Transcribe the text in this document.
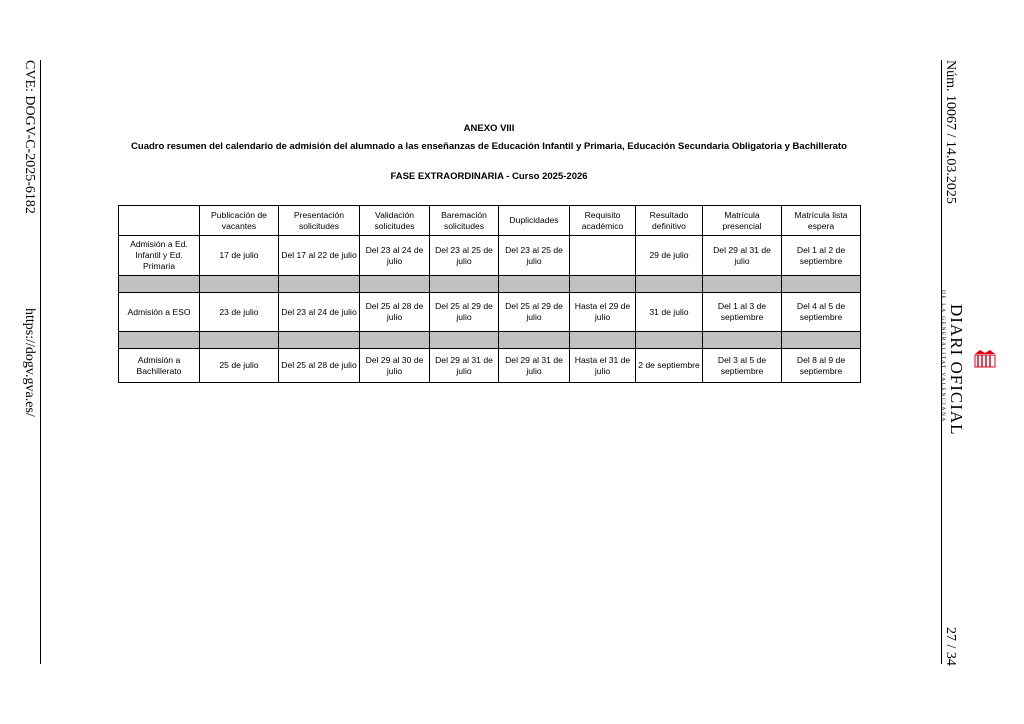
CVE: DOGV-C-2025-6182
https://dogv.gva.es/
Núm. 10067 / 14.03.2025
27 / 34
DIARI OFICIAL
DE LA GENERALITAT VALENCIANA
ANEXO VIII
Cuadro resumen del calendario de admisión del alumnado a las enseñanzas de Educación Infantil y Primaria, Educación Secundaria Obligatoria y Bachillerato
FASE EXTRAORDINARIA - Curso 2025-2026
	Publicación de vacantes	Presentación solicitudes	Validación solicitudes	Baremación solicitudes	Duplicidades	Requisito académico	Resultado definitivo	Matrícula presencial	Matrícula lista espera
Admisión a Ed. Infantil y Ed. Primaria	17 de julio	Del 17 al 22 de julio	Del 23 al 24 de julio	Del 23 al 25 de julio	Del 23 al 25 de julio		29 de julio	Del 29 al 31 de julio	Del 1 al 2 de septiembre

Admisión a ESO	23 de julio	Del 23 al 24 de julio	Del 25 al 28 de julio	Del 25 al 29 de julio	Del 25 al 29 de julio	Hasta el 29 de julio	31 de julio	Del 1 al 3 de septiembre	Del 4 al 5 de septiembre

Admisión a Bachillerato	25 de julio	Del 25 al 28 de julio	Del 29 al 30 de julio	Del 29 al 31 de julio	Del 29 al 31 de julio	Hasta el 31 de julio	2 de septiembre	Del 3 al 5 de septiembre	Del 8 al 9 de septiembre
